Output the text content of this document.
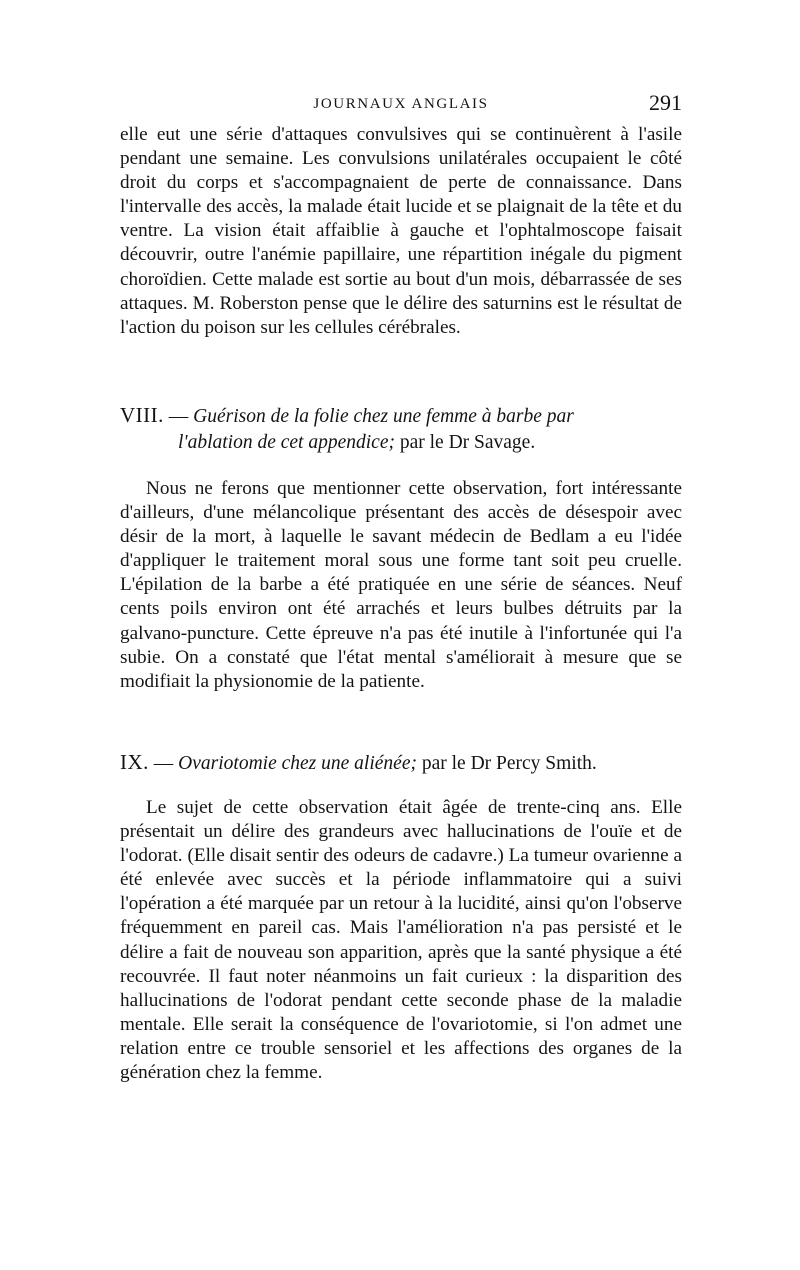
JOURNAUX ANGLAIS	291

elle eut une série d'attaques convulsives qui se continuèrent à l'asile pendant une semaine. Les convulsions unilatérales occupaient le côté droit du corps et s'accompagnaient de perte de connaissance. Dans l'intervalle des accès, la malade était lucide et se plaignait de la tête et du ventre. La vision était affaiblie à gauche et l'ophtalmoscope faisait découvrir, outre l'anémie papillaire, une répartition inégale du pigment choroïdien. Cette malade est sortie au bout d'un mois, débarrassée de ses attaques. M. Roberston pense que le délire des saturnins est le résultat de l'action du poison sur les cellules cérébrales.

VIII. — Guérison de la folie chez une femme à barbe par
l'ablation de cet appendice; par le Dr Savage.

Nous ne ferons que mentionner cette observation, fort intéressante d'ailleurs, d'une mélancolique présentant des accès de désespoir avec désir de la mort, à laquelle le savant médecin de Bedlam a eu l'idée d'appliquer le traitement moral sous une forme tant soit peu cruelle. L'épilation de la barbe a été pratiquée en une série de séances. Neuf cents poils environ ont été arrachés et leurs bulbes détruits par la galvano-puncture. Cette épreuve n'a pas été inutile à l'infortunée qui l'a subie. On a constaté que l'état mental s'améliorait à mesure que se modifiait la physionomie de la patiente.

IX. — Ovariotomie chez une aliénée; par le Dr Percy Smith.

Le sujet de cette observation était âgée de trente-cinq ans. Elle présentait un délire des grandeurs avec hallucinations de l'ouïe et de l'odorat. (Elle disait sentir des odeurs de cadavre.) La tumeur ovarienne a été enlevée avec succès et la période inflammatoire qui a suivi l'opération a été marquée par un retour à la lucidité, ainsi qu'on l'observe fréquemment en pareil cas. Mais l'amélioration n'a pas persisté et le délire a fait de nouveau son apparition, après que la santé physique a été recouvrée. Il faut noter néanmoins un fait curieux : la disparition des hallucinations de l'odorat pendant cette seconde phase de la maladie mentale. Elle serait la conséquence de l'ovariotomie, si l'on admet une relation entre ce trouble sensoriel et les affections des organes de la génération chez la femme.
